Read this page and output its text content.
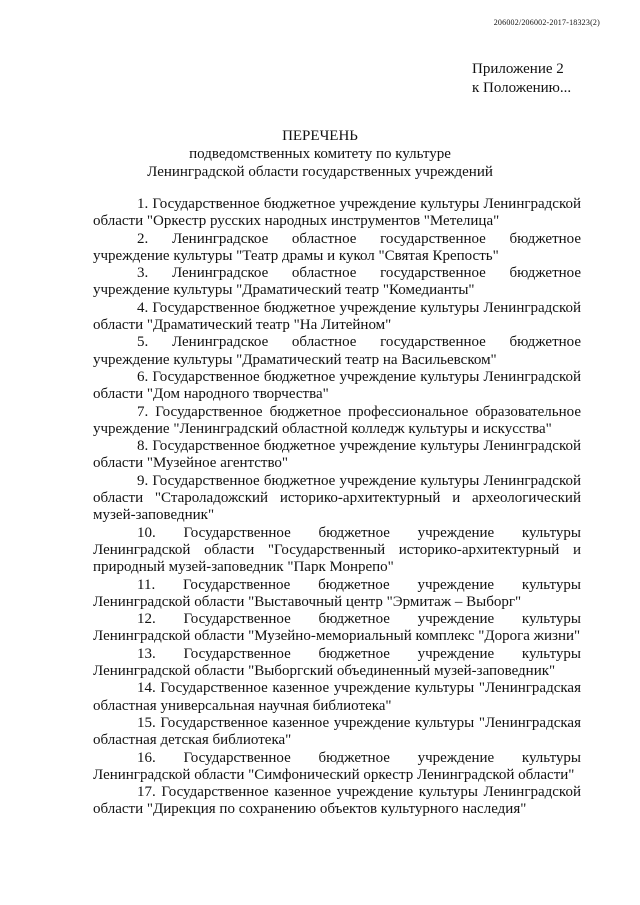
206002/206002-2017-18323(2)
Приложение 2
к Положению...
ПЕРЕЧЕНЬ
подведомственных комитету по культуре
Ленинградской области государственных учреждений
1. Государственное бюджетное учреждение культуры Ленинградской области "Оркестр русских народных инструментов "Метелица"
2. Ленинградское областное государственное бюджетное учреждение культуры "Театр драмы и кукол "Святая Крепость"
3. Ленинградское областное государственное бюджетное учреждение культуры "Драматический театр "Комедианты"
4. Государственное бюджетное учреждение культуры Ленинградской области "Драматический театр "На Литейном"
5. Ленинградское областное государственное бюджетное учреждение культуры "Драматический театр на Васильевском"
6. Государственное бюджетное учреждение культуры Ленинградской области "Дом народного творчества"
7. Государственное бюджетное профессиональное образовательное учреждение "Ленинградский областной колледж культуры и искусства"
8. Государственное бюджетное учреждение культуры Ленинградской области "Музейное агентство"
9. Государственное бюджетное учреждение культуры Ленинградской области "Староладожский историко-архитектурный и археологический музей-заповедник"
10. Государственное бюджетное учреждение культуры Ленинградской области "Государственный историко-архитектурный и природный музей-заповедник "Парк Монрепо"
11. Государственное бюджетное учреждение культуры Ленинградской области "Выставочный центр "Эрмитаж – Выборг"
12. Государственное бюджетное учреждение культуры Ленинградской области "Музейно-мемориальный комплекс "Дорога жизни"
13. Государственное бюджетное учреждение культуры Ленинградской области "Выборгский объединенный музей-заповедник"
14. Государственное казенное учреждение культуры "Ленинградская областная универсальная научная библиотека"
15. Государственное казенное учреждение культуры "Ленинградская областная детская библиотека"
16. Государственное бюджетное учреждение культуры Ленинградской области "Симфонический оркестр Ленинградской области"
17. Государственное казенное учреждение культуры Ленинградской области "Дирекция по сохранению объектов культурного наследия"
